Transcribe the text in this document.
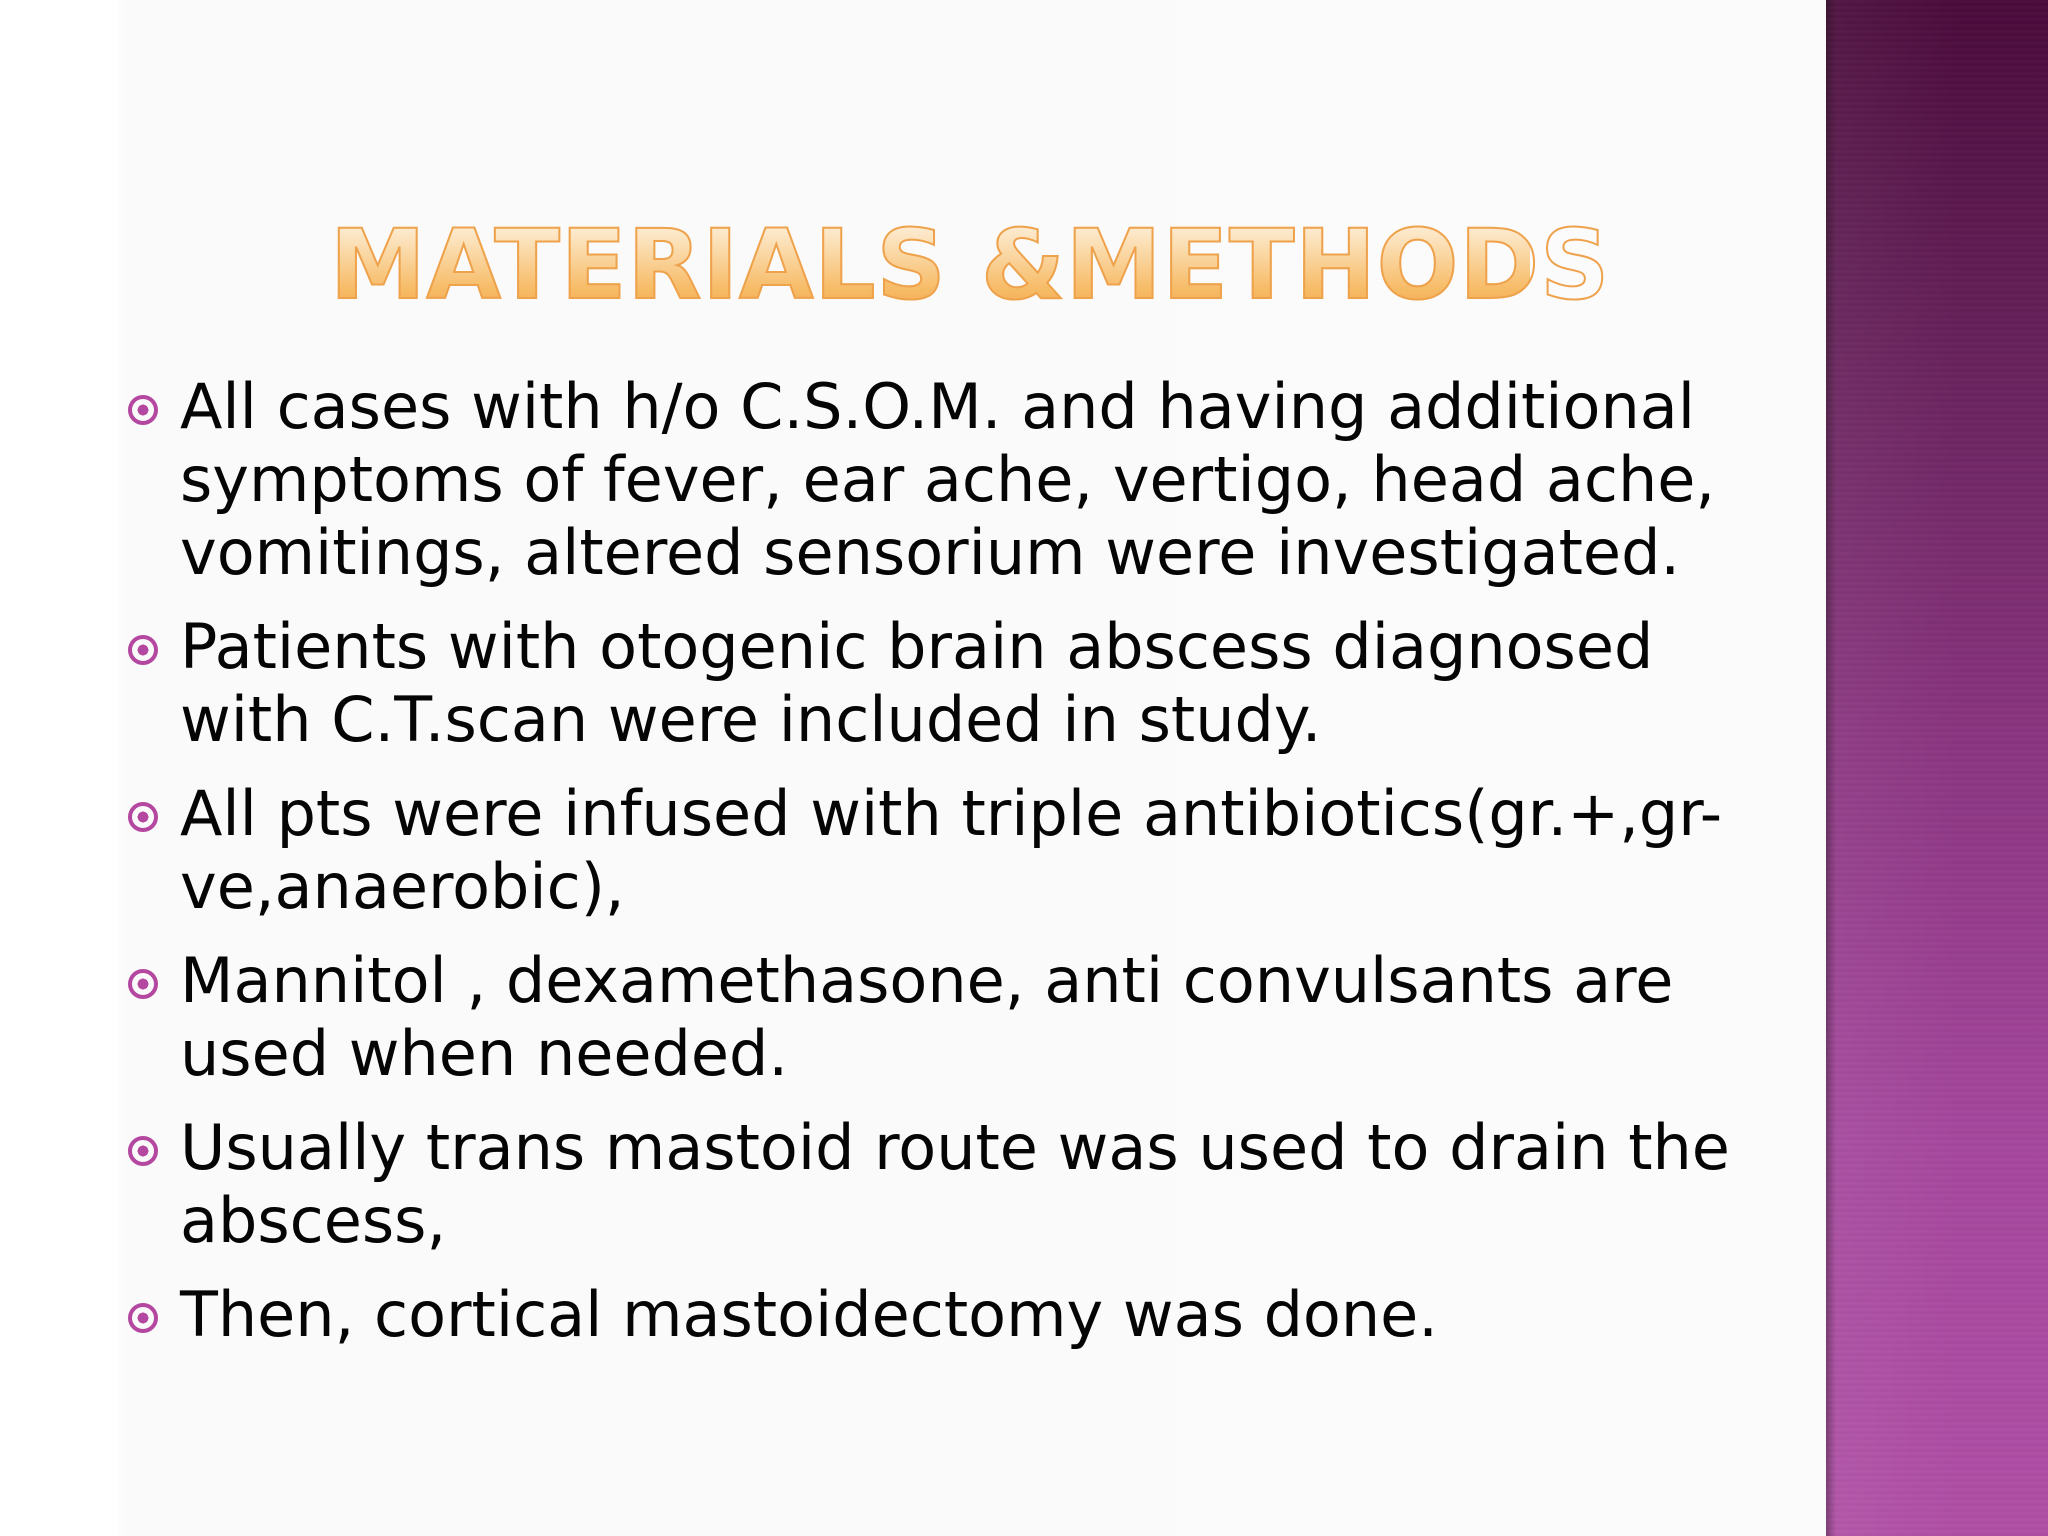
MATERIALS &METHODS
All cases with h/o C.S.O.M. and having additional symptoms of fever, ear ache, vertigo, head ache, vomitings, altered sensorium were investigated.
Patients with otogenic brain abscess diagnosed with C.T.scan were included in study.
All pts were infused with triple antibiotics(gr.+,gr-ve,anaerobic),
Mannitol , dexamethasone, anti convulsants are used when needed.
Usually trans mastoid route was used to drain the abscess,
Then, cortical mastoidectomy was done.
